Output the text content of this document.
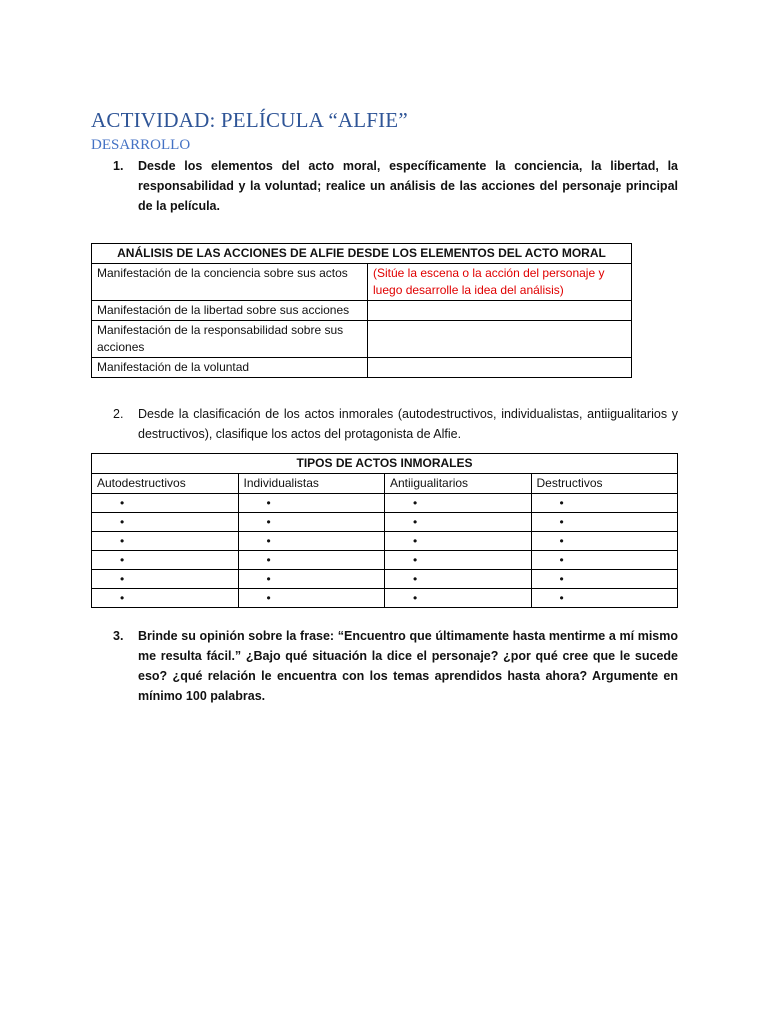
ACTIVIDAD: PELÍCULA “ALFIE”
DESARROLLO
1. Desde los elementos del acto moral, específicamente la conciencia, la libertad, la responsabilidad y la voluntad; realice un análisis de las acciones del personaje principal de la película.
ANÁLISIS DE LAS ACCIONES DE ALFIE DESDE LOS ELEMENTOS DEL ACTO MORAL	
Manifestación de la conciencia sobre sus actos	(Sitúe la escena o la acción del personaje y luego desarrolle la idea del análisis)
Manifestación de la libertad sobre sus acciones	
Manifestación de la responsabilidad sobre sus acciones	
Manifestación de la voluntad	
2. Desde la clasificación de los actos inmorales (autodestructivos, individualistas, antiigualitarios y destructivos), clasifique los actos del protagonista de Alfie.
TIPOS DE ACTOS INMORALES			
Autodestructivos	Individualistas	Antiigualitarios	Destructivos
•	•	•	•
•	•	•	•
•	•	•	•
•	•	•	•
•	•	•	•
•	•	•	•
3. Brinde su opinión sobre la frase: “Encuentro que últimamente hasta mentirme a mí mismo me resulta fácil.” ¿Bajo qué situación la dice el personaje? ¿por qué cree que le sucede eso? ¿qué relación le encuentra con los temas aprendidos hasta ahora? Argumente en mínimo 100 palabras.
